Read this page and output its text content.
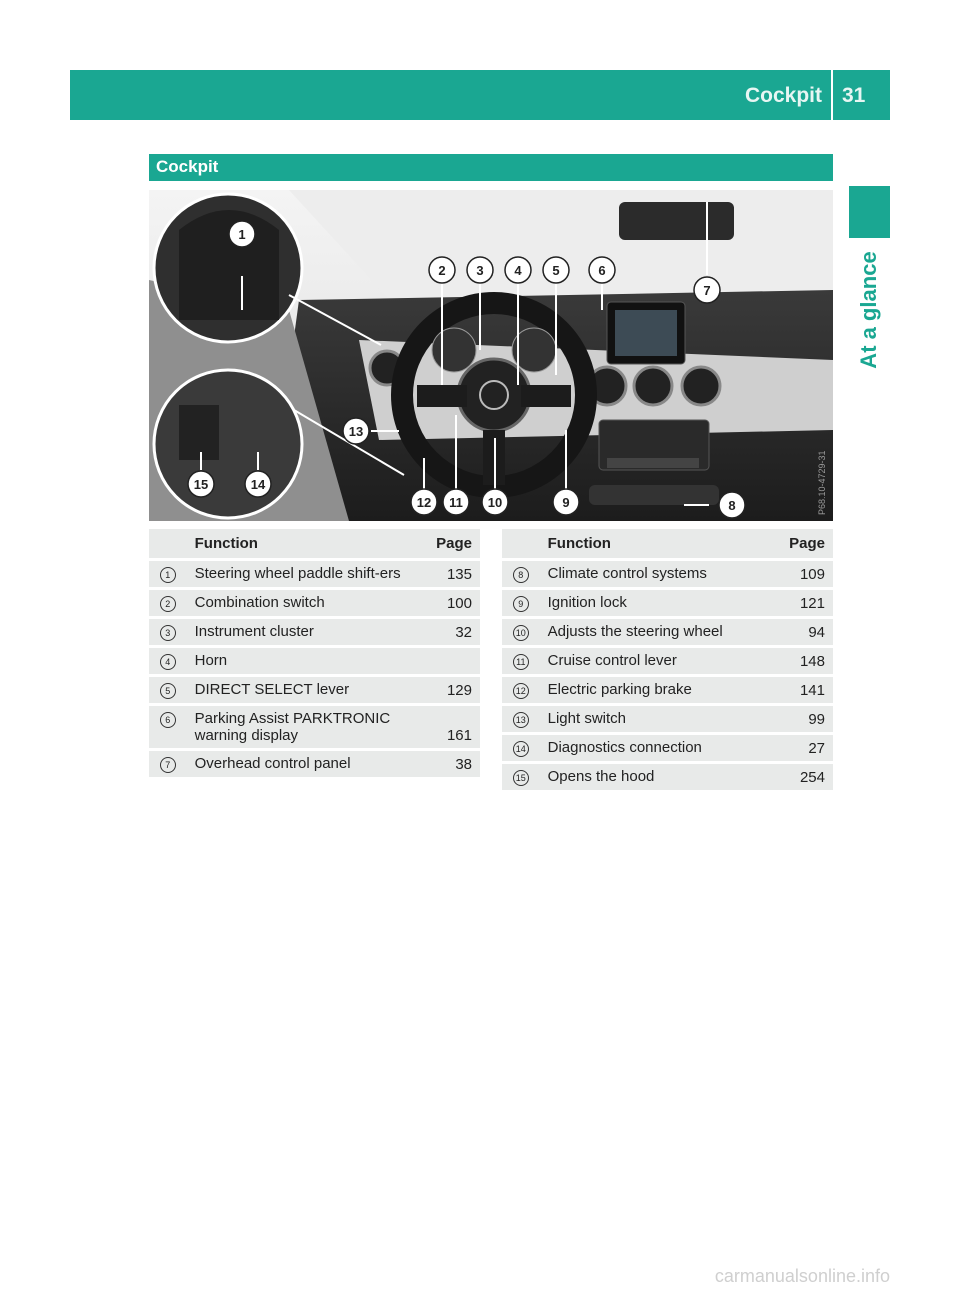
Cockpit 31
At a glance
Cockpit
1
2 3 4 5	6
7
8
9
10
11
12
13
14
15	P68.10-4729-31
	Function	Page
1	Steering wheel paddle shift-ers	135
2	Combination switch	100
3	Instrument cluster	32
4	Horn	
5	DIRECT SELECT lever	129
6	Parking Assist PARKTRONIC warning display	161
7	Overhead control panel	38
	Function	Page
8	Climate control systems	109
9	Ignition lock	121
10	Adjusts the steering wheel	94
11	Cruise control lever	148
12	Electric parking brake	141
13	Light switch	99
14	Diagnostics connection	27
15	Opens the hood	254
carmanualsonline.info
